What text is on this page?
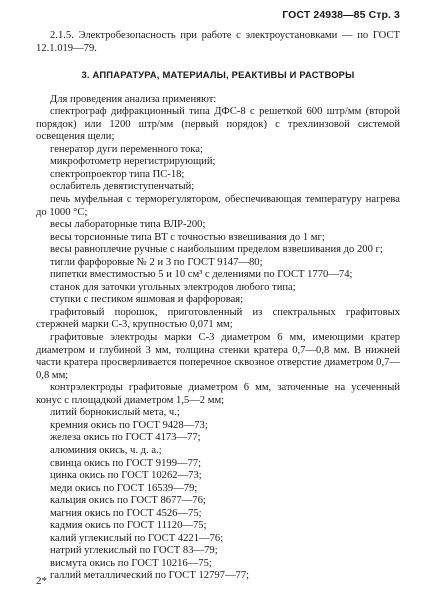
ГОСТ 24938—85 Стр. 3

2.1.5. Электробезопасность при работе с электроустановками — по ГОСТ 12.1.019—79.

3. АППАРАТУРА, МАТЕРИАЛЫ, РЕАКТИВЫ И РАСТВОРЫ

Для проведения анализа применяют:

спектрограф дифракционный типа ДФС-8 с решеткой 600 штр/мм (второй порядок) или 1200 штр/мм (первый порядок) с трехлинзовой системой освещения щели;

генератор дуги переменного тока;

микрофотометр нерегистрирующий;

спектропроектор типа ПС-18;

ослабитель девятиступенчатый;

печь муфельная с терморегулятором, обеспечивающая температуру нагрева до 1000 °С;

весы лабораторные типа ВЛР-200;

весы торсионные типа ВТ с точностью взвешивания до 1 мг;

весы равноплечие ручные с наибольшим пределом взвешивания до 200 г;

тигли фарфоровые № 2 и 3 по ГОСТ 9147—80;

пипетки вместимостью 5 и 10 см³ с делениями по ГОСТ 1770—74;

станок для заточки угольных электродов любого типа;

ступки с пестиком яшмовая и фарфоровая;

графитовый порошок, приготовленный из спектральных графитовых стержней марки С-3, крупностью 0,071 мм;

графитовые электроды марки С-3 диаметром 6 мм, имеющими кратер диаметром и глубиной 3 мм, толщина стенки кратера 0,7—0,8 мм. В нижней части кратера просверливается поперечное сквозное отверстие диаметром 0,7—0,8 мм;

контрэлектроды графитовые диаметром 6 мм, заточенные на усеченный конус с площадкой диаметром 1,5—2 мм;

литий борнокислый мета, ч.;

кремния окись по ГОСТ 9428—73;

железа окись по ГОСТ 4173—77;

алюминия окись, ч. д. а.;

свинца окись по ГОСТ 9199—77;

цинка окись по ГОСТ 10262—73;

меди окись по ГОСТ 16539—79;

кальция окись по ГОСТ 8677—76;

магния окись по ГОСТ 4526—75;

кадмия окись по ГОСТ 11120—75;

калий углекислый по ГОСТ 4221—76;

натрий углекислый по ГОСТ 83—79;

висмута окись по ГОСТ 10216—75;

галлий металлический по ГОСТ 12797—77;

2*
